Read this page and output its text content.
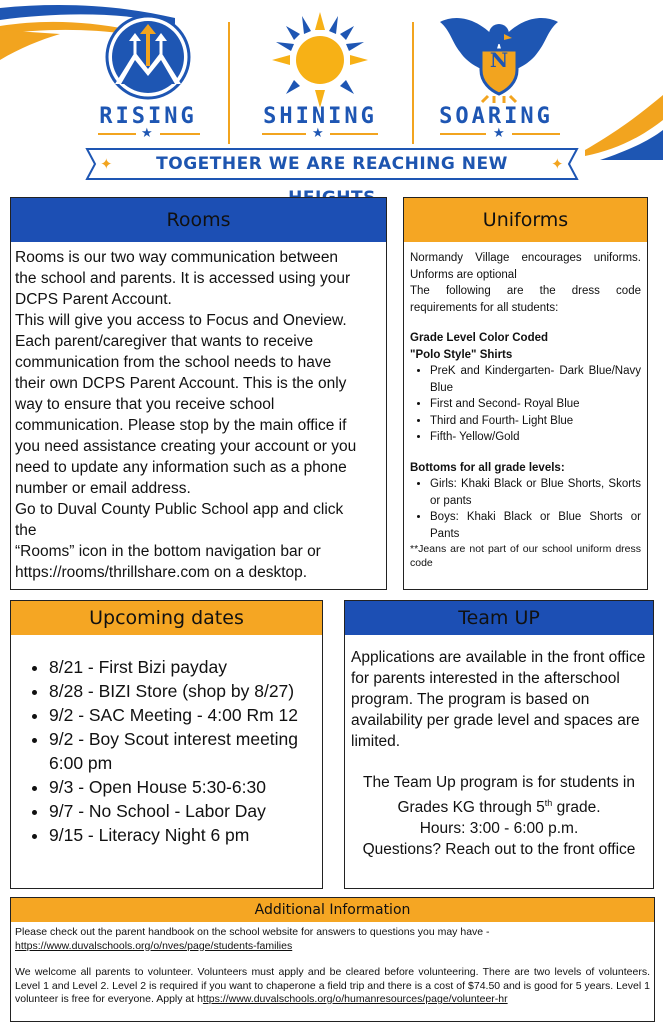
N
RISING	SHINING	SOARING
★	★	★
✦	✦
TOGETHER WE ARE REACHING NEW
Rooms
Rooms is our two way communication between
the school and parents. It is accessed using your
DCPS Parent Account.
This will give you access to Focus and Oneview.
Each parent/caregiver that wants to receive
communication from the school needs to have
their own DCPS Parent Account. This is the only
way to ensure that you receive school
communication. Please stop by the main office if
you need assistance creating your account or you
need to update any information such as a phone
number or email address.
Go to Duval County Public School app and click
the
“Rooms” icon in the bottom navigation bar or
https://rooms/thrillshare.com on a desktop.
Uniforms
Normandy Village encourages uniforms. Unforms are optional
The following are the dress code requirements for all students:
Grade Level Color Coded
"Polo Style" Shirts
• PreK and Kindergarten- Dark Blue/Navy Blue
• First and Second- Royal Blue
• Third and Fourth- Light Blue
• Fifth- Yellow/Gold
Bottoms for all grade levels:
• Girls: Khaki Black or Blue Shorts, Skorts or pants
• Boys: Khaki Black or Blue Shorts or Pants
**Jeans are not part of our school uniform dress code
Upcoming dates
• 8/21 - First Bizi payday
• 8/28 - BIZI Store (shop by 8/27)
• 9/2 - SAC Meeting - 4:00 Rm 12
• 9/2 - Boy Scout interest meeting 6:00 pm
• 9/3 - Open House 5:30-6:30
• 9/7 - No School - Labor Day
• 9/15 - Literacy Night 6 pm
Team UP
Applications are available in the front office for parents interested in the afterschool program. The program is based on availability per grade level and spaces are limited.
The Team Up program is for students in
Grades KG through 5th grade.
Hours: 3:00 - 6:00 p.m.
Questions? Reach out to the front office
Additional Information
Please check out the parent handbook on the school website for answers to questions you may have -
https://www.duvalschools.org/o/nves/page/students-families
We welcome all parents to volunteer. Volunteers must apply and be cleared before volunteering. There are two levels of volunteers. Level 1 and Level 2. Level 2 is required if you want to chaperone a field trip and there is a cost of $74.50 and is good for 5 years. Level 1 volunteer is free for everyone. Apply at https://www.duvalschools.org/o/humanresources/page/volunteer-hr
